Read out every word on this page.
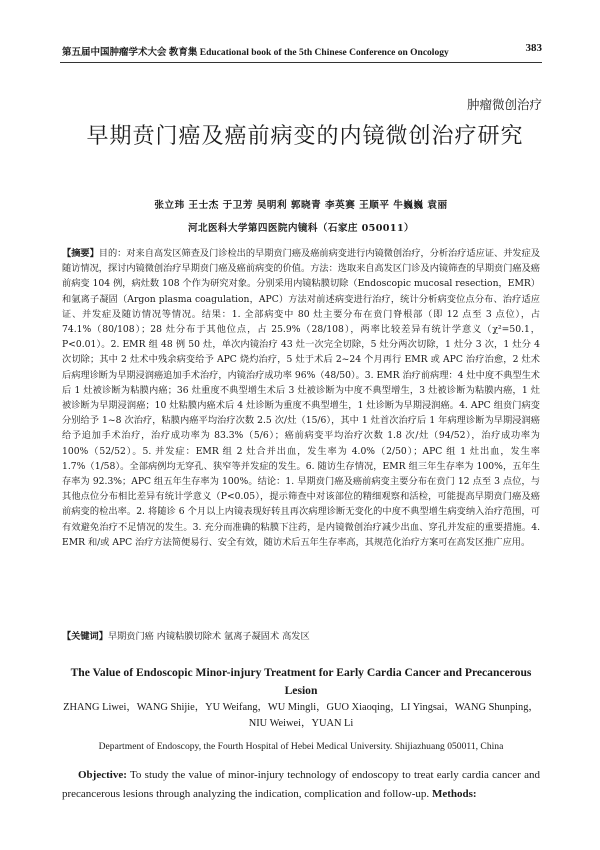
第五届中国肿瘤学术大会 教育集 Educational book of the 5th Chinese Conference on Oncology	383
肿瘤微创治疗
早期贲门癌及癌前病变的内镜微创治疗研究
张立玮 王士杰 于卫芳 吴明利 郭晓青 李英赛 王顺平 牛巍巍 袁丽
河北医科大学第四医院内镜科（石家庄 050011）
【摘要】目的：对来自高发区筛查及门诊检出的早期贲门癌及癌前病变进行内镜微创治疗，分析治疗适应证、并发症及随访情况，探讨内镜微创治疗早期贲门癌及癌前病变的价值。方法：选取来自高发区门诊及内镜筛查的早期贲门癌及癌前病变 104 例，病灶数 108 个作为研究对象。分别采用内镜粘膜切除（Endoscopic mucosal resection，EMR）和氩离子凝固（Argon plasma coagulation，APC）方法对前述病变进行治疗，统计分析病变位点分布、治疗适应证、并发症及随访情况等情况。结果：1. 全部病变中 80 灶主要分布在贲门脊根部（即 12 点至 3 点位），占 74.1%（80/108）；28 灶分布于其他位点，占 25.9%（28/108），两率比较差异有统计学意义（χ²=50.1，P<0.01）。2. EMR 组 48 例 50 灶，单次内镜治疗 43 灶一次完全切除，5 灶分两次切除，1 灶分 3 次，1 灶分 4 次切除；其中 2 灶术中残余病变给予 APC 烧灼治疗，5 灶于术后 2~24 个月再行 EMR 或 APC 治疗治愈，2 灶术后病理诊断为早期浸润癌追加手术治疗，内镜治疗成功率 96%（48/50）。3. EMR 治疗前病理：4 灶中度不典型生术后 1 灶被诊断为粘膜内癌；36 灶重度不典型增生术后 3 灶被诊断为中度不典型增生，3 灶被诊断为粘膜内癌，1 灶被诊断为早期浸润癌；10 灶粘膜内癌术后 4 灶诊断为重度不典型增生，1 灶诊断为早期浸润癌。4. APC 组贲门病变分别给予 1~8 次治疗，粘膜内癌平均治疗次数 2.5 次/灶（15/6），其中 1 灶首次治疗后 1 年病理诊断为早期浸润癌给予追加手术治疗，治疗成功率为 83.3%（5/6）；癌前病变平均治疗次数 1.8 次/灶（94/52），治疗成功率为 100%（52/52）。5. 并发症：EMR 组 2 灶合并出血，发生率为 4.0%（2/50）；APC 组 1 灶出血，发生率 1.7%（1/58）。全部病例均无穿孔、狭窄等并发症的发生。6. 随访生存情况，EMR 组三年生存率为 100%，五年生存率为 92.3%；APC 组五年生存率为 100%。结论：1. 早期贲门癌及癌前病变主要分布在贲门 12 点至 3 点位，与其他点位分布相比差异有统计学意义（P<0.05），提示筛查中对该部位的精细观察和活检，可能提高早期贲门癌及癌前病变的检出率。2. 将随诊 6 个月以上内镜表现好转且再次病理诊断无变化的中度不典型增生病变纳入治疗范围，可有效避免治疗不足情况的发生。3. 充分而准确的粘膜下注药，是内镜微创治疗减少出血、穿孔并发症的重要措施。4. EMR 和/或 APC 治疗方法简便易行、安全有效，随访术后五年生存率高，其规范化治疗方案可在高发区推广应用。
【关键词】早期贲门癌 内镜粘膜切除术 氩离子凝固术 高发区
The Value of Endoscopic Minor-injury Treatment for Early Cardia Cancer and Precancerous Lesion
ZHANG Liwei，WANG Shijie，YU Weifang，WU Mingli，GUO Xiaoqing，LI Yingsai，WANG Shunping，NIU Weiwei，YUAN Li
Department of Endoscopy, the Fourth Hospital of Hebei Medical University. Shijiazhuang 050011, China
Objective: To study the value of minor-injury technology of endoscopy to treat early cardia cancer and precancerous lesions through analyzing the indication, complication and follow-up. Methods:
